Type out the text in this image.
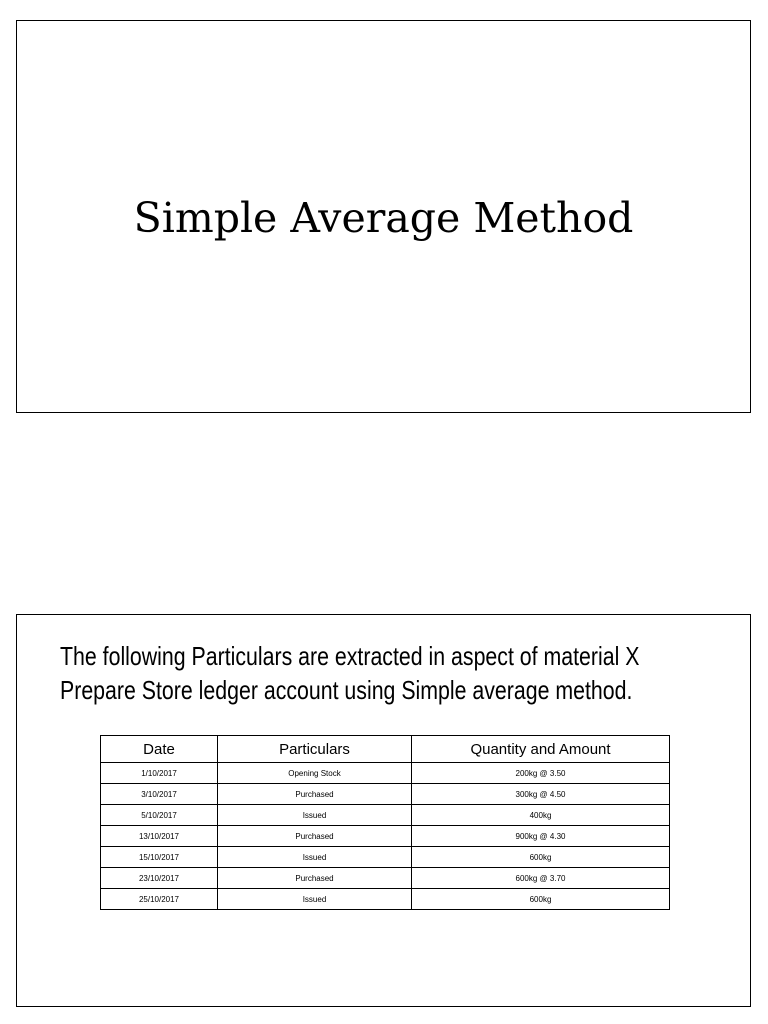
Simple Average Method
The following Particulars are extracted in aspect of material X
Prepare Store ledger account using Simple average method.
Date	Particulars	Quantity and Amount
1/10/2017	Opening Stock	200kg @ 3.50
3/10/2017	Purchased	300kg @ 4.50
5/10/2017	Issued	400kg
13/10/2017	Purchased	900kg @ 4.30
15/10/2017	Issued	600kg
23/10/2017	Purchased	600kg @ 3.70
25/10/2017	Issued	600kg
